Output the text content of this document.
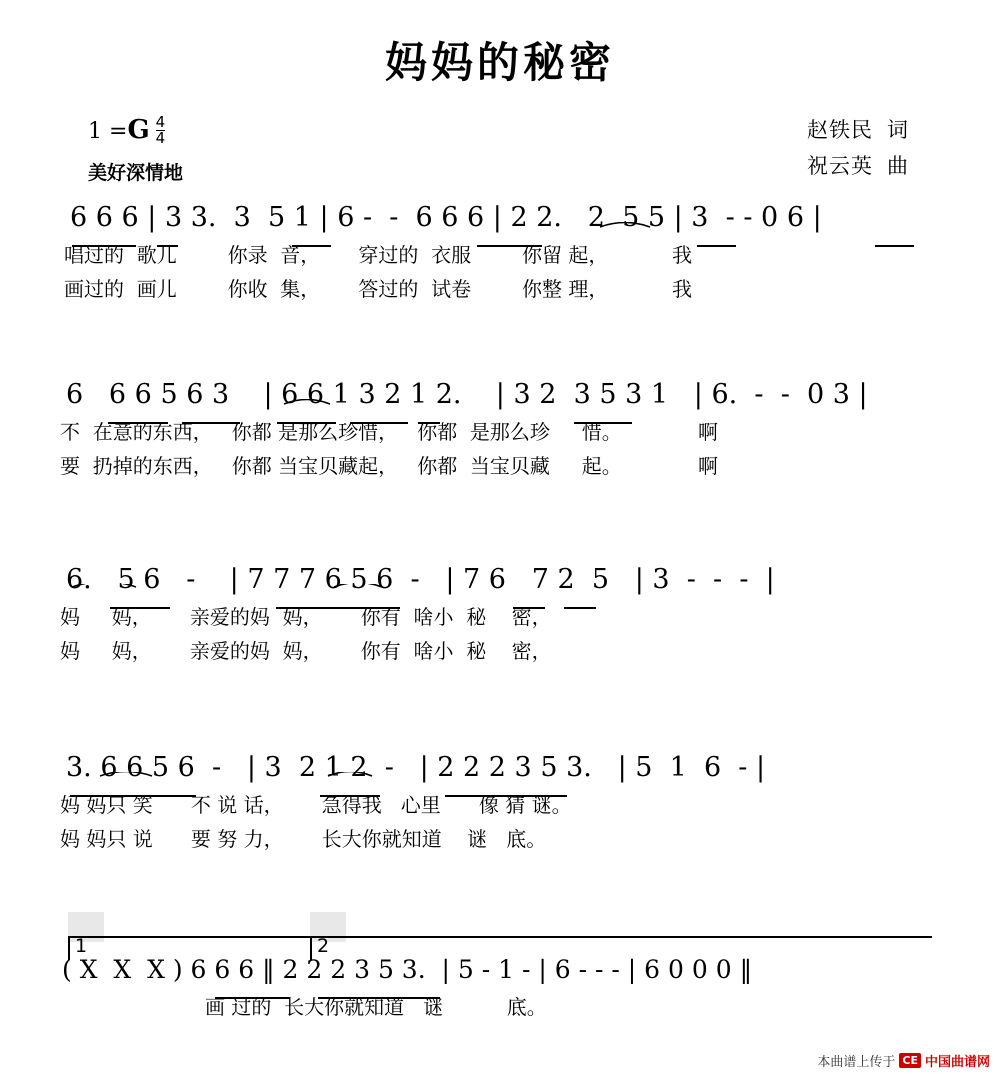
妈妈的秘密
$1 =G \frac{4}{4}$
美好深情地
赵铁民 词
祝云英 曲
6 6 6 | 3 3.  3  5 1 | 6 -  -  6 6 6 | 2 2.   2  5 5 | 3  - - 0 6 |
唱过的  歌儿        你录  音，      穿过的  衣服        你留 起，          我
画过的  画儿        你收  集，      答过的  试卷        你整 理，          我
6   6 6 5 6 3    | 6 6 1 3 2 1 2.    | 3 2  3 5 3 1   | 6.  -  -  0 3 |
不  在意的东西，   你都 是那么珍惜，   你都  是那么珍     惜。            啊
要  扔掉的东西，   你都 当宝贝藏起，   你都  当宝贝藏     起。            啊
6.   5 6   -    | 7 7 7 6 5 6  -   | 7 6   7 2  5   | 3  -  -  -  |
妈     妈，      亲爱的妈  妈，      你有  啥小  秘    密，
妈     妈，      亲爱的妈  妈，      你有  啥小  秘    密，
3. 6 6 5 6  -   | 3  2 1 2  -   | 2 2 2 3 5 3.   | 5  1  6  - |
妈 妈只 笑      不 说 话，      急得我   心里      像 猜 谜。
妈 妈只 说      要 努 力，      长大你就知道    谜   底。
1	2
( X  X  X ) 6 6 6 ‖ 2 2 2 3 5 3.  | 5 - 1 - | 6 - - - | 6 0 0 0 ‖
画 过的  长大你就知道   谜          底。
本曲谱上传于 CE 中国曲谱网
